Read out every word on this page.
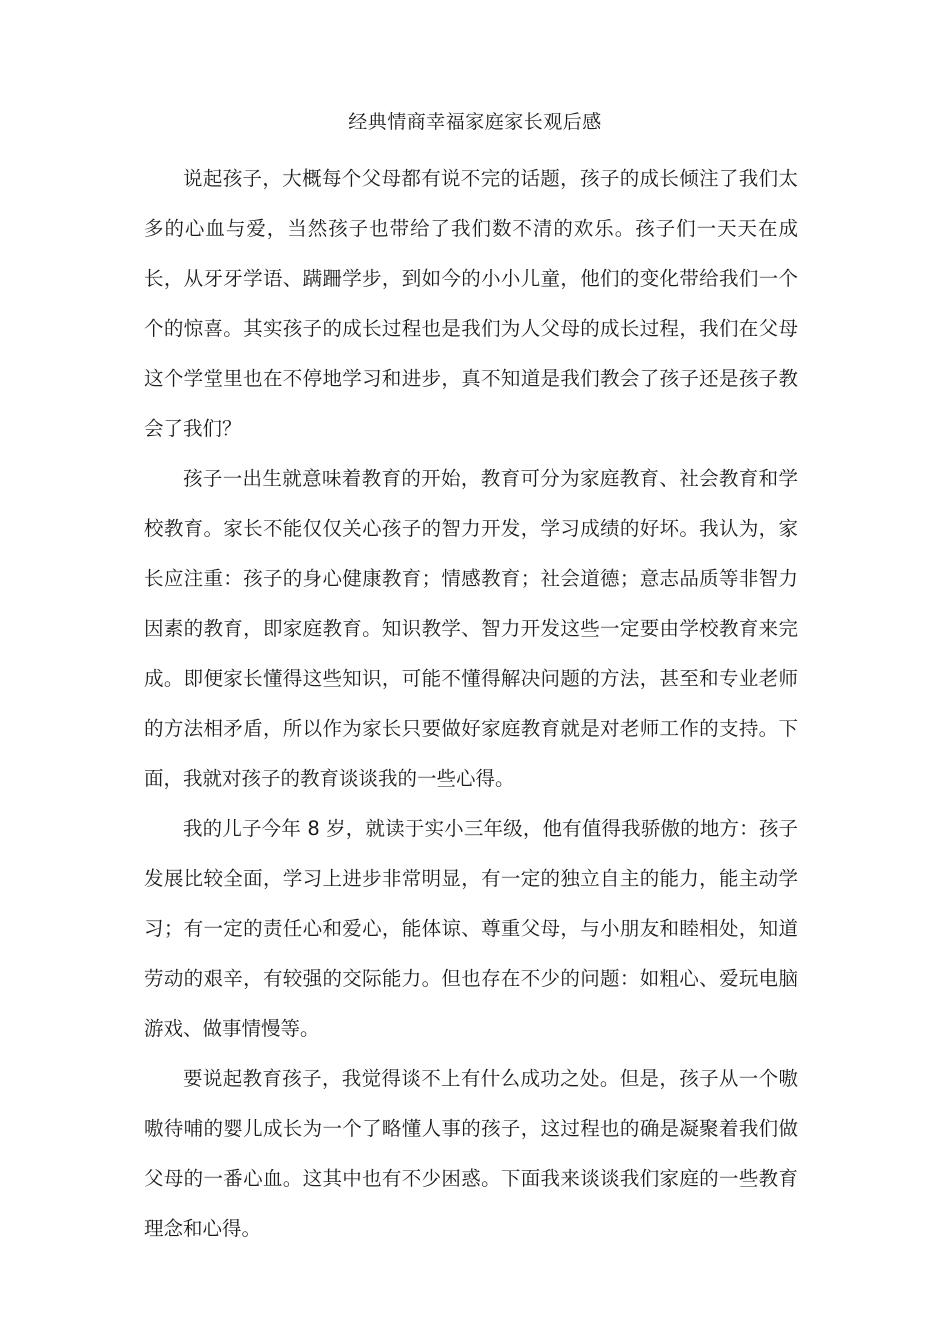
经典情商幸福家庭家长观后感

说起孩子，大概每个父母都有说不完的话题，孩子的成长倾注了我们太多的心血与爱，当然孩子也带给了我们数不清的欢乐。孩子们一天天在成长，从牙牙学语、蹒跚学步，到如今的小小儿童，他们的变化带给我们一个个的惊喜。其实孩子的成长过程也是我们为人父母的成长过程，我们在父母这个学堂里也在不停地学习和进步，真不知道是我们教会了孩子还是孩子教会了我们？

孩子一出生就意味着教育的开始，教育可分为家庭教育、社会教育和学校教育。家长不能仅仅关心孩子的智力开发，学习成绩的好坏。我认为，家长应注重：孩子的身心健康教育；情感教育；社会道德；意志品质等非智力因素的教育，即家庭教育。知识教学、智力开发这些一定要由学校教育来完成。即便家长懂得这些知识，可能不懂得解决问题的方法，甚至和专业老师的方法相矛盾，所以作为家长只要做好家庭教育就是对老师工作的支持。下面，我就对孩子的教育谈谈我的一些心得。

我的儿子今年 8 岁，就读于实小三年级，他有值得我骄傲的地方：孩子发展比较全面，学习上进步非常明显，有一定的独立自主的能力，能主动学习；有一定的责任心和爱心，能体谅、尊重父母，与小朋友和睦相处，知道劳动的艰辛，有较强的交际能力。但也存在不少的问题：如粗心、爱玩电脑游戏、做事情慢等。

要说起教育孩子，我觉得谈不上有什么成功之处。但是，孩子从一个嗷嗷待哺的婴儿成长为一个了略懂人事的孩子，这过程也的确是凝聚着我们做父母的一番心血。这其中也有不少困惑。下面我来谈谈我们家庭的一些教育理念和心得。
